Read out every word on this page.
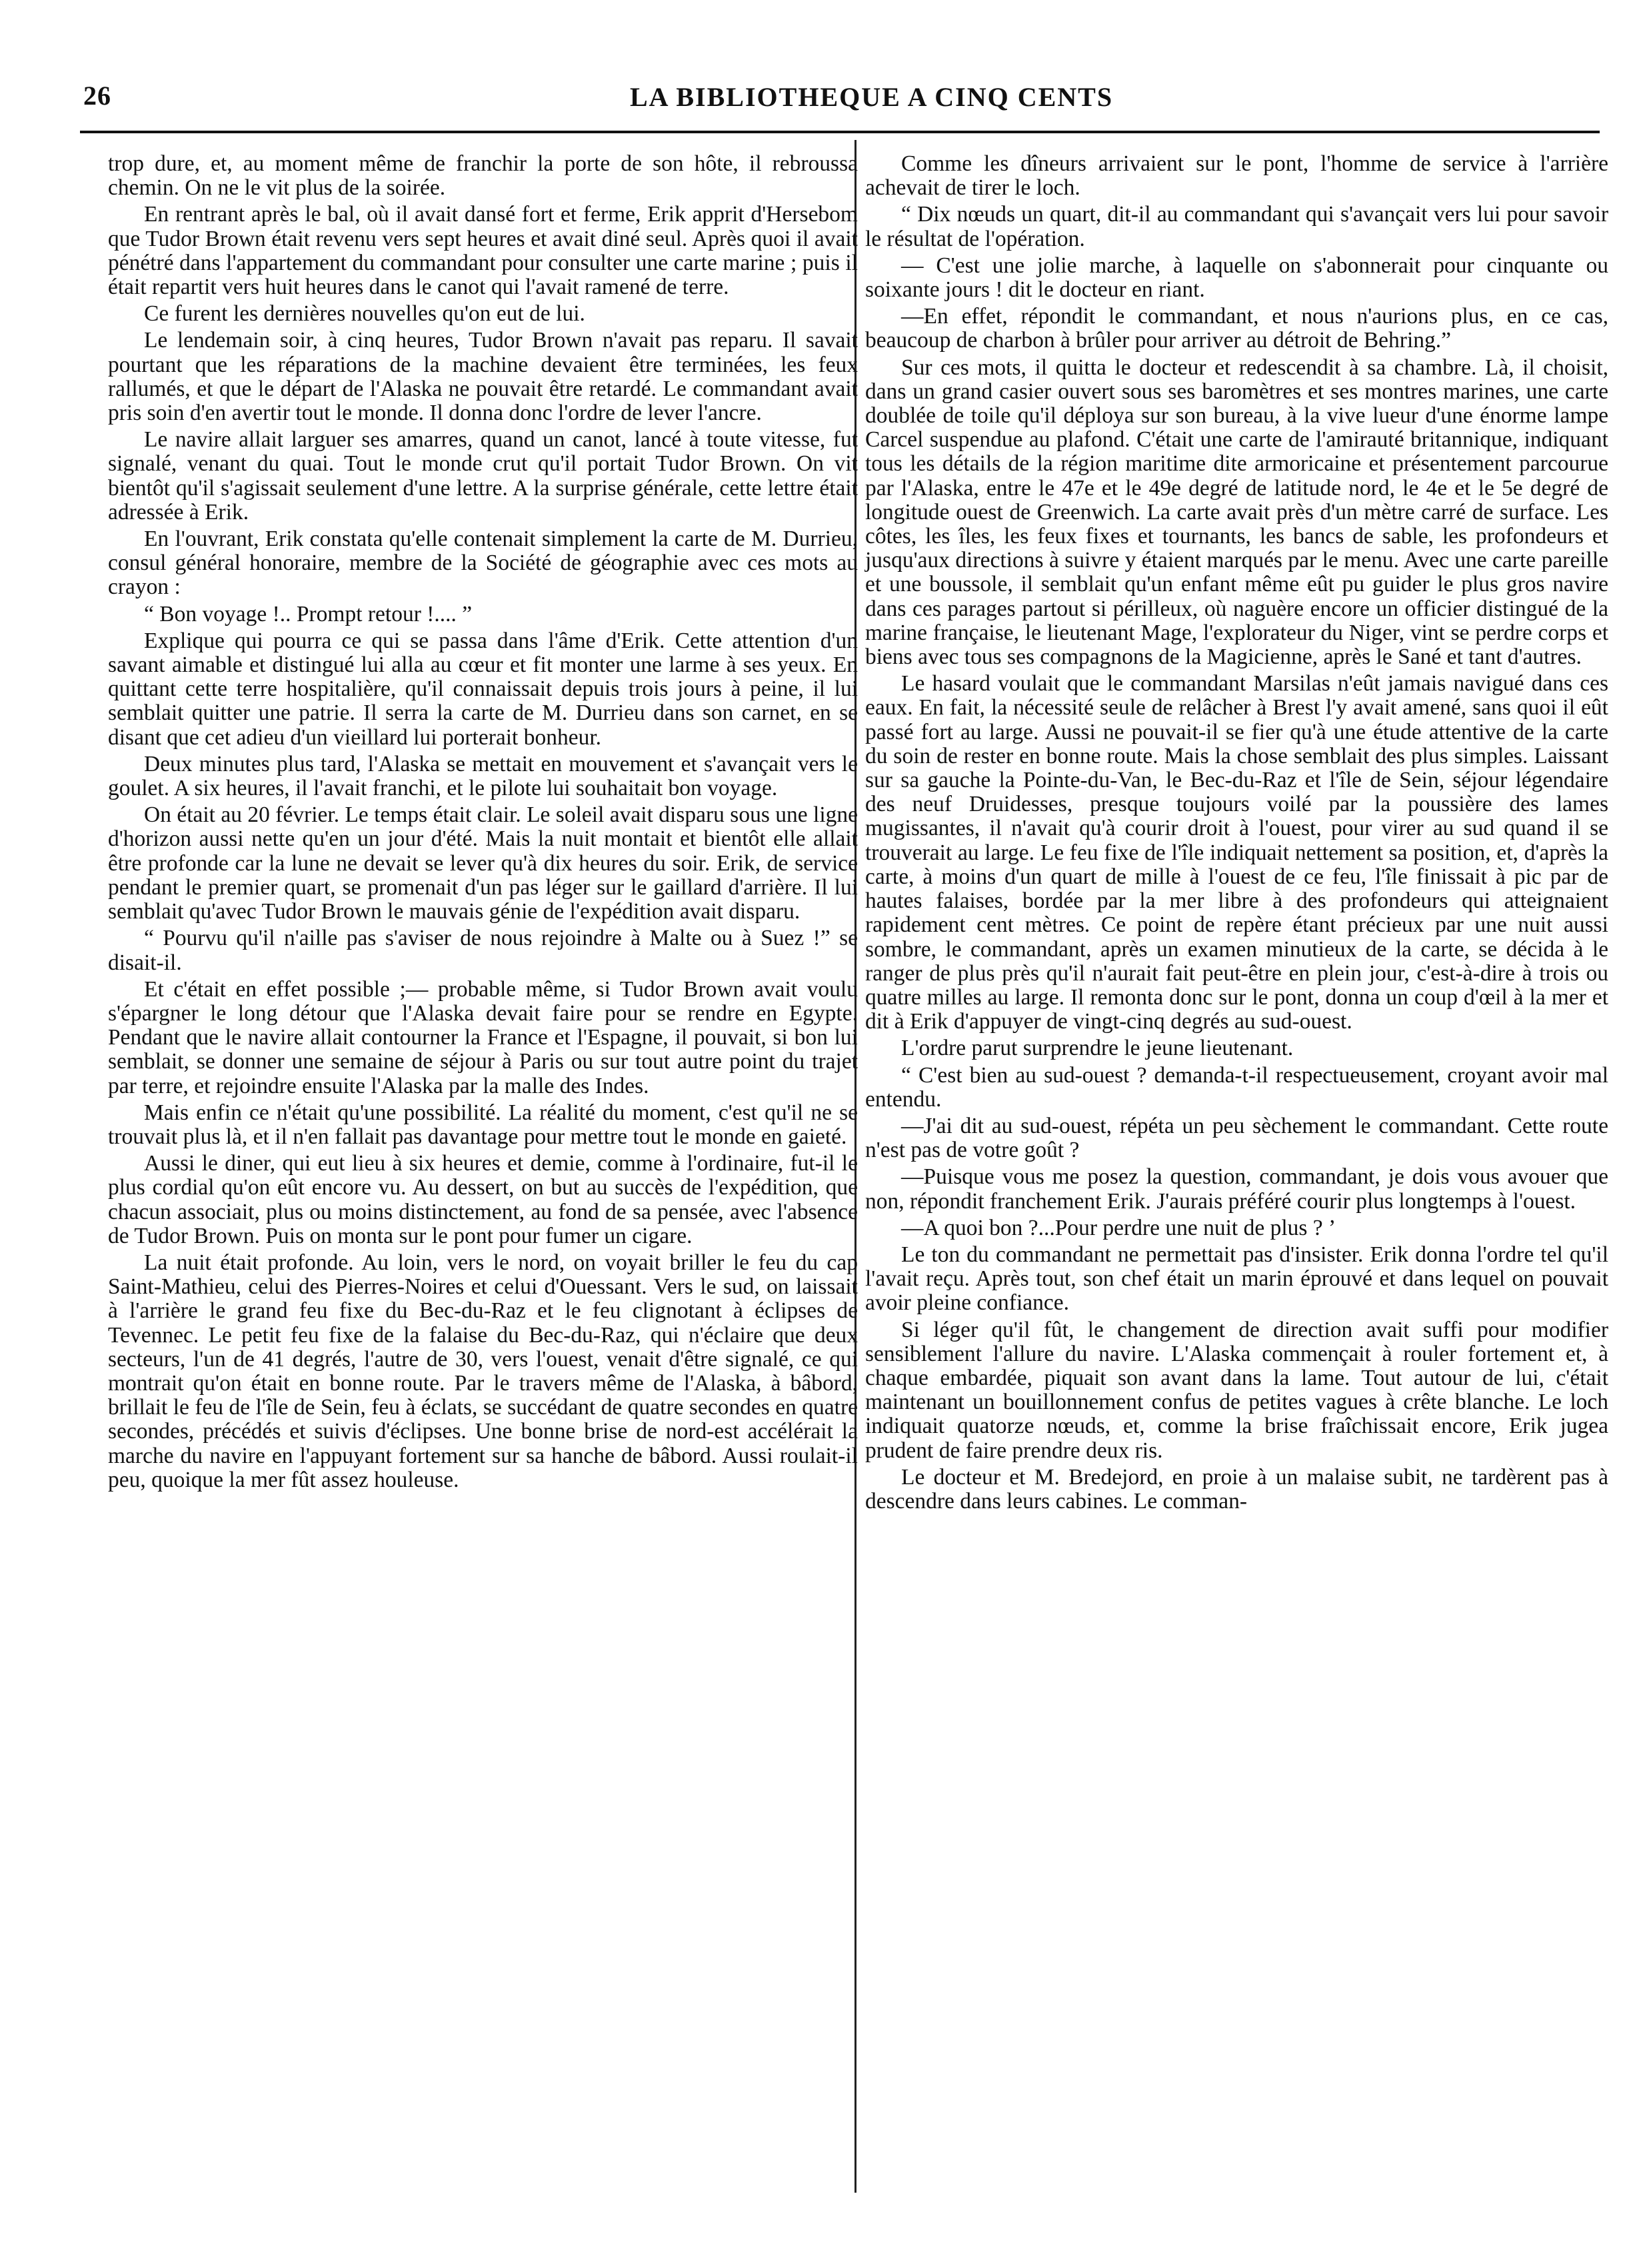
26	LA BIBLIOTHEQUE A CINQ CENTS

trop dure, et, au moment même de franchir la porte de son hôte, il rebroussa chemin. On ne le vit plus de la soirée.

En rentrant après le bal, où il avait dansé fort et ferme, Erik apprit d'Hersebom que Tudor Brown était revenu vers sept heures et avait diné seul. Après quoi il avait pénétré dans l'appartement du commandant pour consulter une carte marine ; puis il était repartit vers huit heures dans le canot qui l'avait ramené de terre.

Ce furent les dernières nouvelles qu'on eut de lui.

Le lendemain soir, à cinq heures, Tudor Brown n'avait pas reparu. Il savait pourtant que les réparations de la machine devaient être terminées, les feux rallumés, et que le départ de l'Alaska ne pouvait être retardé. Le commandant avait pris soin d'en avertir tout le monde. Il donna donc l'ordre de lever l'ancre.

Le navire allait larguer ses amarres, quand un canot, lancé à toute vitesse, fut signalé, venant du quai. Tout le monde crut qu'il portait Tudor Brown. On vit bientôt qu'il s'agissait seulement d'une lettre. A la surprise générale, cette lettre était adressée à Erik.

En l'ouvrant, Erik constata qu'elle contenait simplement la carte de M. Durrieu, consul général honoraire, membre de la Société de géographie avec ces mots au crayon :

“ Bon voyage !.. Prompt retour !.... ”

Explique qui pourra ce qui se passa dans l'âme d'Erik. Cette attention d'un savant aimable et distingué lui alla au cœur et fit monter une larme à ses yeux. En quittant cette terre hospitalière, qu'il connaissait depuis trois jours à peine, il lui semblait quitter une patrie. Il serra la carte de M. Durrieu dans son carnet, en se disant que cet adieu d'un vieillard lui porterait bonheur.

Deux minutes plus tard, l'Alaska se mettait en mouvement et s'avançait vers le goulet. A six heures, il l'avait franchi, et le pilote lui souhaitait bon voyage.

On était au 20 février. Le temps était clair. Le soleil avait disparu sous une ligne d'horizon aussi nette qu'en un jour d'été. Mais la nuit montait et bientôt elle allait être profonde car la lune ne devait se lever qu'à dix heures du soir. Erik, de service pendant le premier quart, se promenait d'un pas léger sur le gaillard d'arrière. Il lui semblait qu'avec Tudor Brown le mauvais génie de l'expédition avait disparu.

“ Pourvu qu'il n'aille pas s'aviser de nous rejoindre à Malte ou à Suez !” se disait-il.

Et c'était en effet possible ;— probable même, si Tudor Brown avait voulu s'épargner le long détour que l'Alaska devait faire pour se rendre en Egypte. Pendant que le navire allait contourner la France et l'Espagne, il pouvait, si bon lui semblait, se donner une semaine de séjour à Paris ou sur tout autre point du trajet par terre, et rejoindre ensuite l'Alaska par la malle des Indes.

Mais enfin ce n'était qu'une possibilité. La réalité du moment, c'est qu'il ne se trouvait plus là, et il n'en fallait pas davantage pour mettre tout le monde en gaieté.

Aussi le diner, qui eut lieu à six heures et demie, comme à l'ordinaire, fut-il le plus cordial qu'on eût encore vu. Au dessert, on but au succès de l'expédition, que chacun associait, plus ou moins distinctement, au fond de sa pensée, avec l'absence de Tudor Brown. Puis on monta sur le pont pour fumer un cigare.

La nuit était profonde. Au loin, vers le nord, on voyait briller le feu du cap Saint-Mathieu, celui des Pierres-Noires et celui d'Ouessant. Vers le sud, on laissait à l'arrière le grand feu fixe du Bec-du-Raz et le feu clignotant à éclipses de Tevennec. Le petit feu fixe de la falaise du Bec-du-Raz, qui n'éclaire que deux secteurs, l'un de 41 degrés, l'autre de 30, vers l'ouest, venait d'être signalé, ce qui montrait qu'on était en bonne route. Par le travers même de l'Alaska, à bâbord, brillait le feu de l'île de Sein, feu à éclats, se succédant de quatre secondes en quatre secondes, précédés et suivis d'éclipses. Une bonne brise de nord-est accélérait la marche du navire en l'appuyant fortement sur sa hanche de bâbord. Aussi roulait-il peu, quoique la mer fût assez houleuse.

Comme les dîneurs arrivaient sur le pont, l'homme de service à l'arrière achevait de tirer le loch.

“ Dix nœuds un quart, dit-il au commandant qui s'avançait vers lui pour savoir le résultat de l'opération.

— C'est une jolie marche, à laquelle on s'abonnerait pour cinquante ou soixante jours ! dit le docteur en riant.

—En effet, répondit le commandant, et nous n'aurions plus, en ce cas, beaucoup de charbon à brûler pour arriver au détroit de Behring.”

Sur ces mots, il quitta le docteur et redescendit à sa chambre. Là, il choisit, dans un grand casier ouvert sous ses baromètres et ses montres marines, une carte doublée de toile qu'il déploya sur son bureau, à la vive lueur d'une énorme lampe Carcel suspendue au plafond. C'était une carte de l'amirauté britannique, indiquant tous les détails de la région maritime dite armoricaine et présentement parcourue par l'Alaska, entre le 47e et le 49e degré de latitude nord, le 4e et le 5e degré de longitude ouest de Greenwich. La carte avait près d'un mètre carré de surface. Les côtes, les îles, les feux fixes et tournants, les bancs de sable, les profondeurs et jusqu'aux directions à suivre y étaient marqués par le menu. Avec une carte pareille et une boussole, il semblait qu'un enfant même eût pu guider le plus gros navire dans ces parages partout si périlleux, où naguère encore un officier distingué de la marine française, le lieutenant Mage, l'explorateur du Niger, vint se perdre corps et biens avec tous ses compagnons de la Magicienne, après le Sané et tant d'autres.

Le hasard voulait que le commandant Marsilas n'eût jamais navigué dans ces eaux. En fait, la nécessité seule de relâcher à Brest l'y avait amené, sans quoi il eût passé fort au large. Aussi ne pouvait-il se fier qu'à une étude attentive de la carte du soin de rester en bonne route. Mais la chose semblait des plus simples. Laissant sur sa gauche la Pointe-du-Van, le Bec-du-Raz et l'île de Sein, séjour légendaire des neuf Druidesses, presque toujours voilé par la poussière des lames mugissantes, il n'avait qu'à courir droit à l'ouest, pour virer au sud quand il se trouverait au large. Le feu fixe de l'île indiquait nettement sa position, et, d'après la carte, à moins d'un quart de mille à l'ouest de ce feu, l'île finissait à pic par de hautes falaises, bordée par la mer libre à des profondeurs qui atteignaient rapidement cent mètres. Ce point de repère étant précieux par une nuit aussi sombre, le commandant, après un examen minutieux de la carte, se décida à le ranger de plus près qu'il n'aurait fait peut-être en plein jour, c'est-à-dire à trois ou quatre milles au large. Il remonta donc sur le pont, donna un coup d'œil à la mer et dit à Erik d'appuyer de vingt-cinq degrés au sud-ouest.

L'ordre parut surprendre le jeune lieutenant.

“ C'est bien au sud-ouest ? demanda-t-il respectueusement, croyant avoir mal entendu.

—J'ai dit au sud-ouest, répéta un peu sèchement le commandant. Cette route n'est pas de votre goût ?

—Puisque vous me posez la question, commandant, je dois vous avouer que non, répondit franchement Erik. J'aurais préféré courir plus longtemps à l'ouest.

—A quoi bon ?...Pour perdre une nuit de plus ? ’

Le ton du commandant ne permettait pas d'insister. Erik donna l'ordre tel qu'il l'avait reçu. Après tout, son chef était un marin éprouvé et dans lequel on pouvait avoir pleine confiance.

Si léger qu'il fût, le changement de direction avait suffi pour modifier sensiblement l'allure du navire. L'Alaska commençait à rouler fortement et, à chaque embardée, piquait son avant dans la lame. Tout autour de lui, c'était maintenant un bouillonnement confus de petites vagues à crête blanche. Le loch indiquait quatorze nœuds, et, comme la brise fraîchissait encore, Erik jugea prudent de faire prendre deux ris.

Le docteur et M. Bredejord, en proie à un malaise subit, ne tardèrent pas à descendre dans leurs cabines. Le comman-
